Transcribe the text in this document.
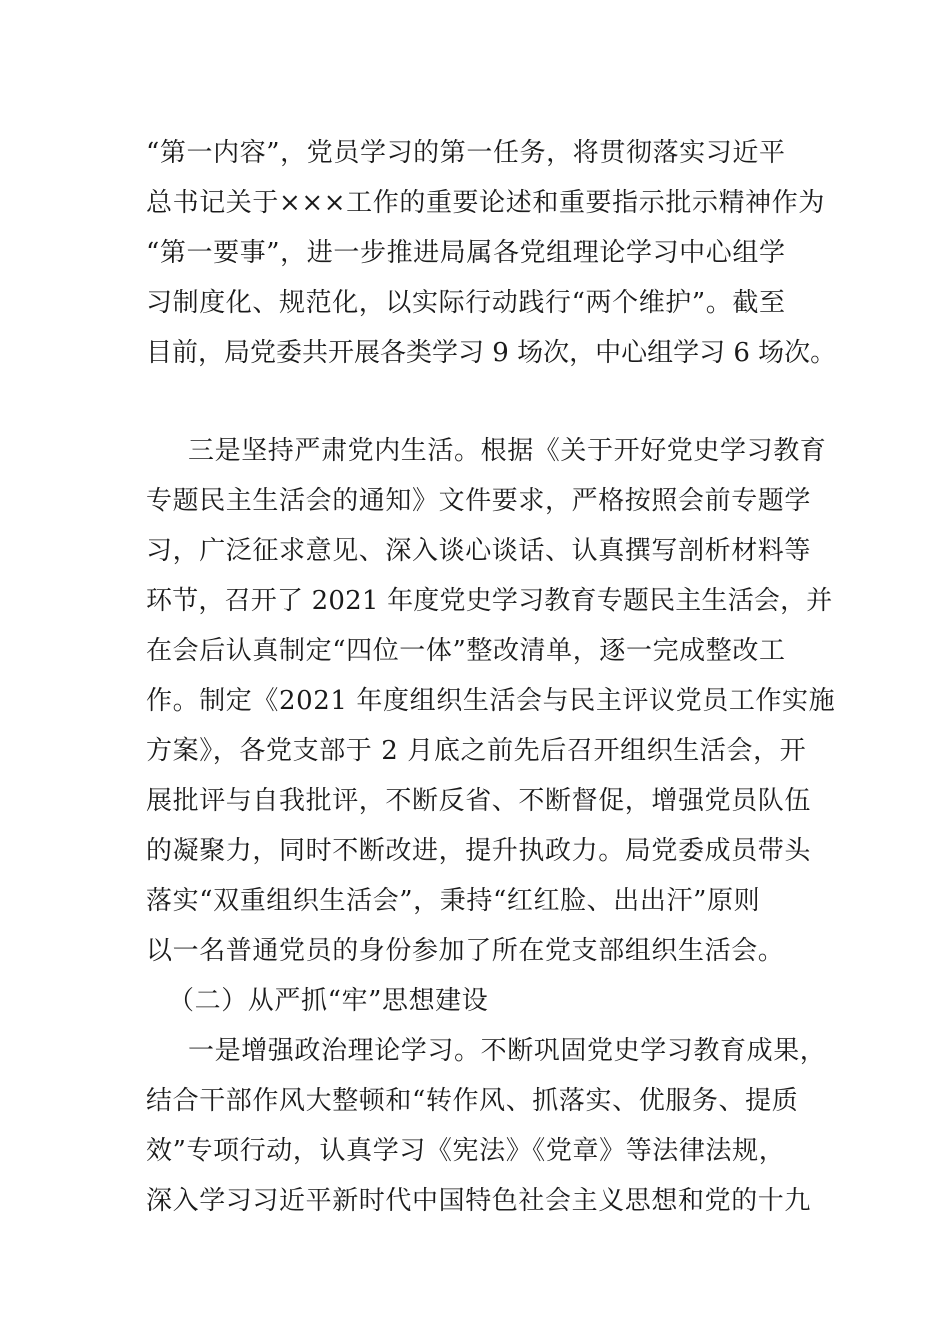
“第一内容”，党员学习的第一任务，将贯彻落实习近平
总书记关于×××工作的重要论述和重要指示批示精神作为
“第一要事”，进一步推进局属各党组理论学习中心组学
习制度化、规范化，以实际行动践行“两个维护”。截至
目前，局党委共开展各类学习 9 场次，中心组学习 6 场次。
三是坚持严肃党内生活。根据《关于开好党史学习教育
专题民主生活会的通知》文件要求，严格按照会前专题学
习，广泛征求意见、深入谈心谈话、认真撰写剖析材料等
环节，召开了 2021 年度党史学习教育专题民主生活会，并
在会后认真制定“四位一体”整改清单，逐一完成整改工
作。制定《2021 年度组织生活会与民主评议党员工作实施
方案》，各党支部于 2 月底之前先后召开组织生活会，开
展批评与自我批评，不断反省、不断督促，增强党员队伍
的凝聚力，同时不断改进，提升执政力。局党委成员带头
落实“双重组织生活会”，秉持“红红脸、出出汗”原则
以一名普通党员的身份参加了所在党支部组织生活会。
（二）从严抓“牢”思想建设
一是增强政治理论学习。不断巩固党史学习教育成果，
结合干部作风大整顿和“转作风、抓落实、优服务、提质
效”专项行动，认真学习《宪法》《党章》等法律法规，
深入学习习近平新时代中国特色社会主义思想和党的十九
